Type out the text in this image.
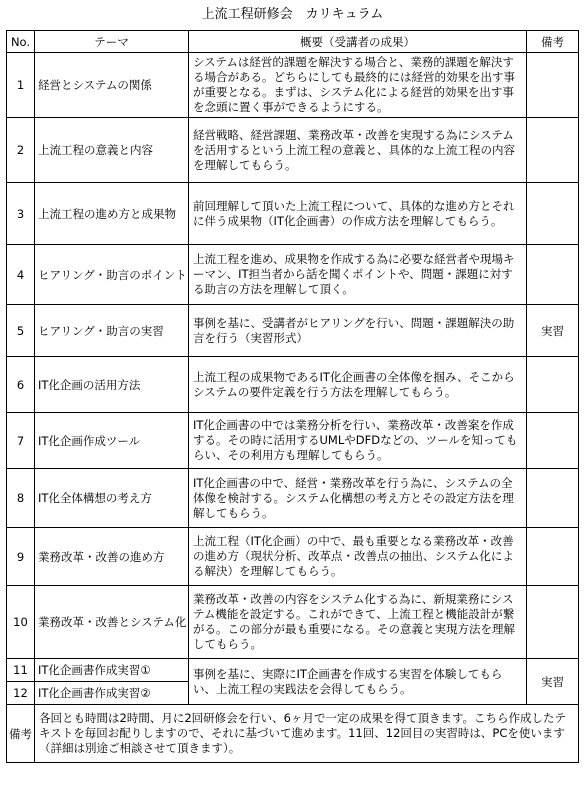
上流工程研修会　カリキュラム
No.	テーマ	概要（受講者の成果）	備考
1	経営とシステムの関係	システムは経営的課題を解決する場合と、業務的課題を解決する場合がある。どちらにしても最終的には経営的効果を出す事が重要となる。まずは、システム化による経営的効果を出す事を念頭に置く事ができるようにする。	
2	上流工程の意義と内容	経営戦略、経営課題、業務改革・改善を実現する為にシステムを活用するという上流工程の意義と、具体的な上流工程の内容を理解してもらう。	
3	上流工程の進め方と成果物	前回理解して頂いた上流工程について、具体的な進め方とそれに伴う成果物（IT化企画書）の作成方法を理解してもらう。	
4	ヒアリング・助言のポイント	上流工程を進め、成果物を作成する為に必要な経営者や現場キーマン、IT担当者から話を聞くポイントや、問題・課題に対する助言の方法を理解して頂く。	
5	ヒアリング・助言の実習	事例を基に、受講者がヒアリングを行い、問題・課題解決の助言を行う（実習形式）	実習
6	IT化企画の活用方法	上流工程の成果物であるIT化企画書の全体像を掴み、そこからシステムの要件定義を行う方法を理解してもらう。	
7	IT化企画作成ツール	IT化企画書の中では業務分析を行い、業務改革・改善案を作成する。その時に活用するUMLやDFDなどの、ツールを知ってもらい、その利用方も理解してもらう。	
8	IT化全体構想の考え方	IT化企画書の中で、経営・業務改革を行う為に、システムの全体像を検討する。システム化構想の考え方とその設定方法を理解してもらう。	
9	業務改革・改善の進め方	上流工程（IT化企画）の中で、最も重要となる業務改革・改善の進め方（現状分析、改革点・改善点の抽出、システム化による解決）を理解してもらう。	
10	業務改革・改善とシステム化	業務改革・改善の内容をシステム化する為に、新規業務にシステム機能を設定する。これができて、上流工程と機能設計が繋がる。この部分が最も重要になる。その意義と実現方法を理解してもらう。	
11	IT化企画書作成実習①	事例を基に、実際にIT企画書を作成する実習を体験してもらい、上流工程の実践法を会得してもらう。	実習
12	IT化企画書作成実習②		
備考	各回とも時間は2時間、月に2回研修会を行い、6ヶ月で一定の成果を得て頂きます。こちら作成したテキストを毎回お配りしますので、それに基づいて進めます。11回、12回目の実習時は、PCを使います（詳細は別途ご相談させて頂きます）。		
